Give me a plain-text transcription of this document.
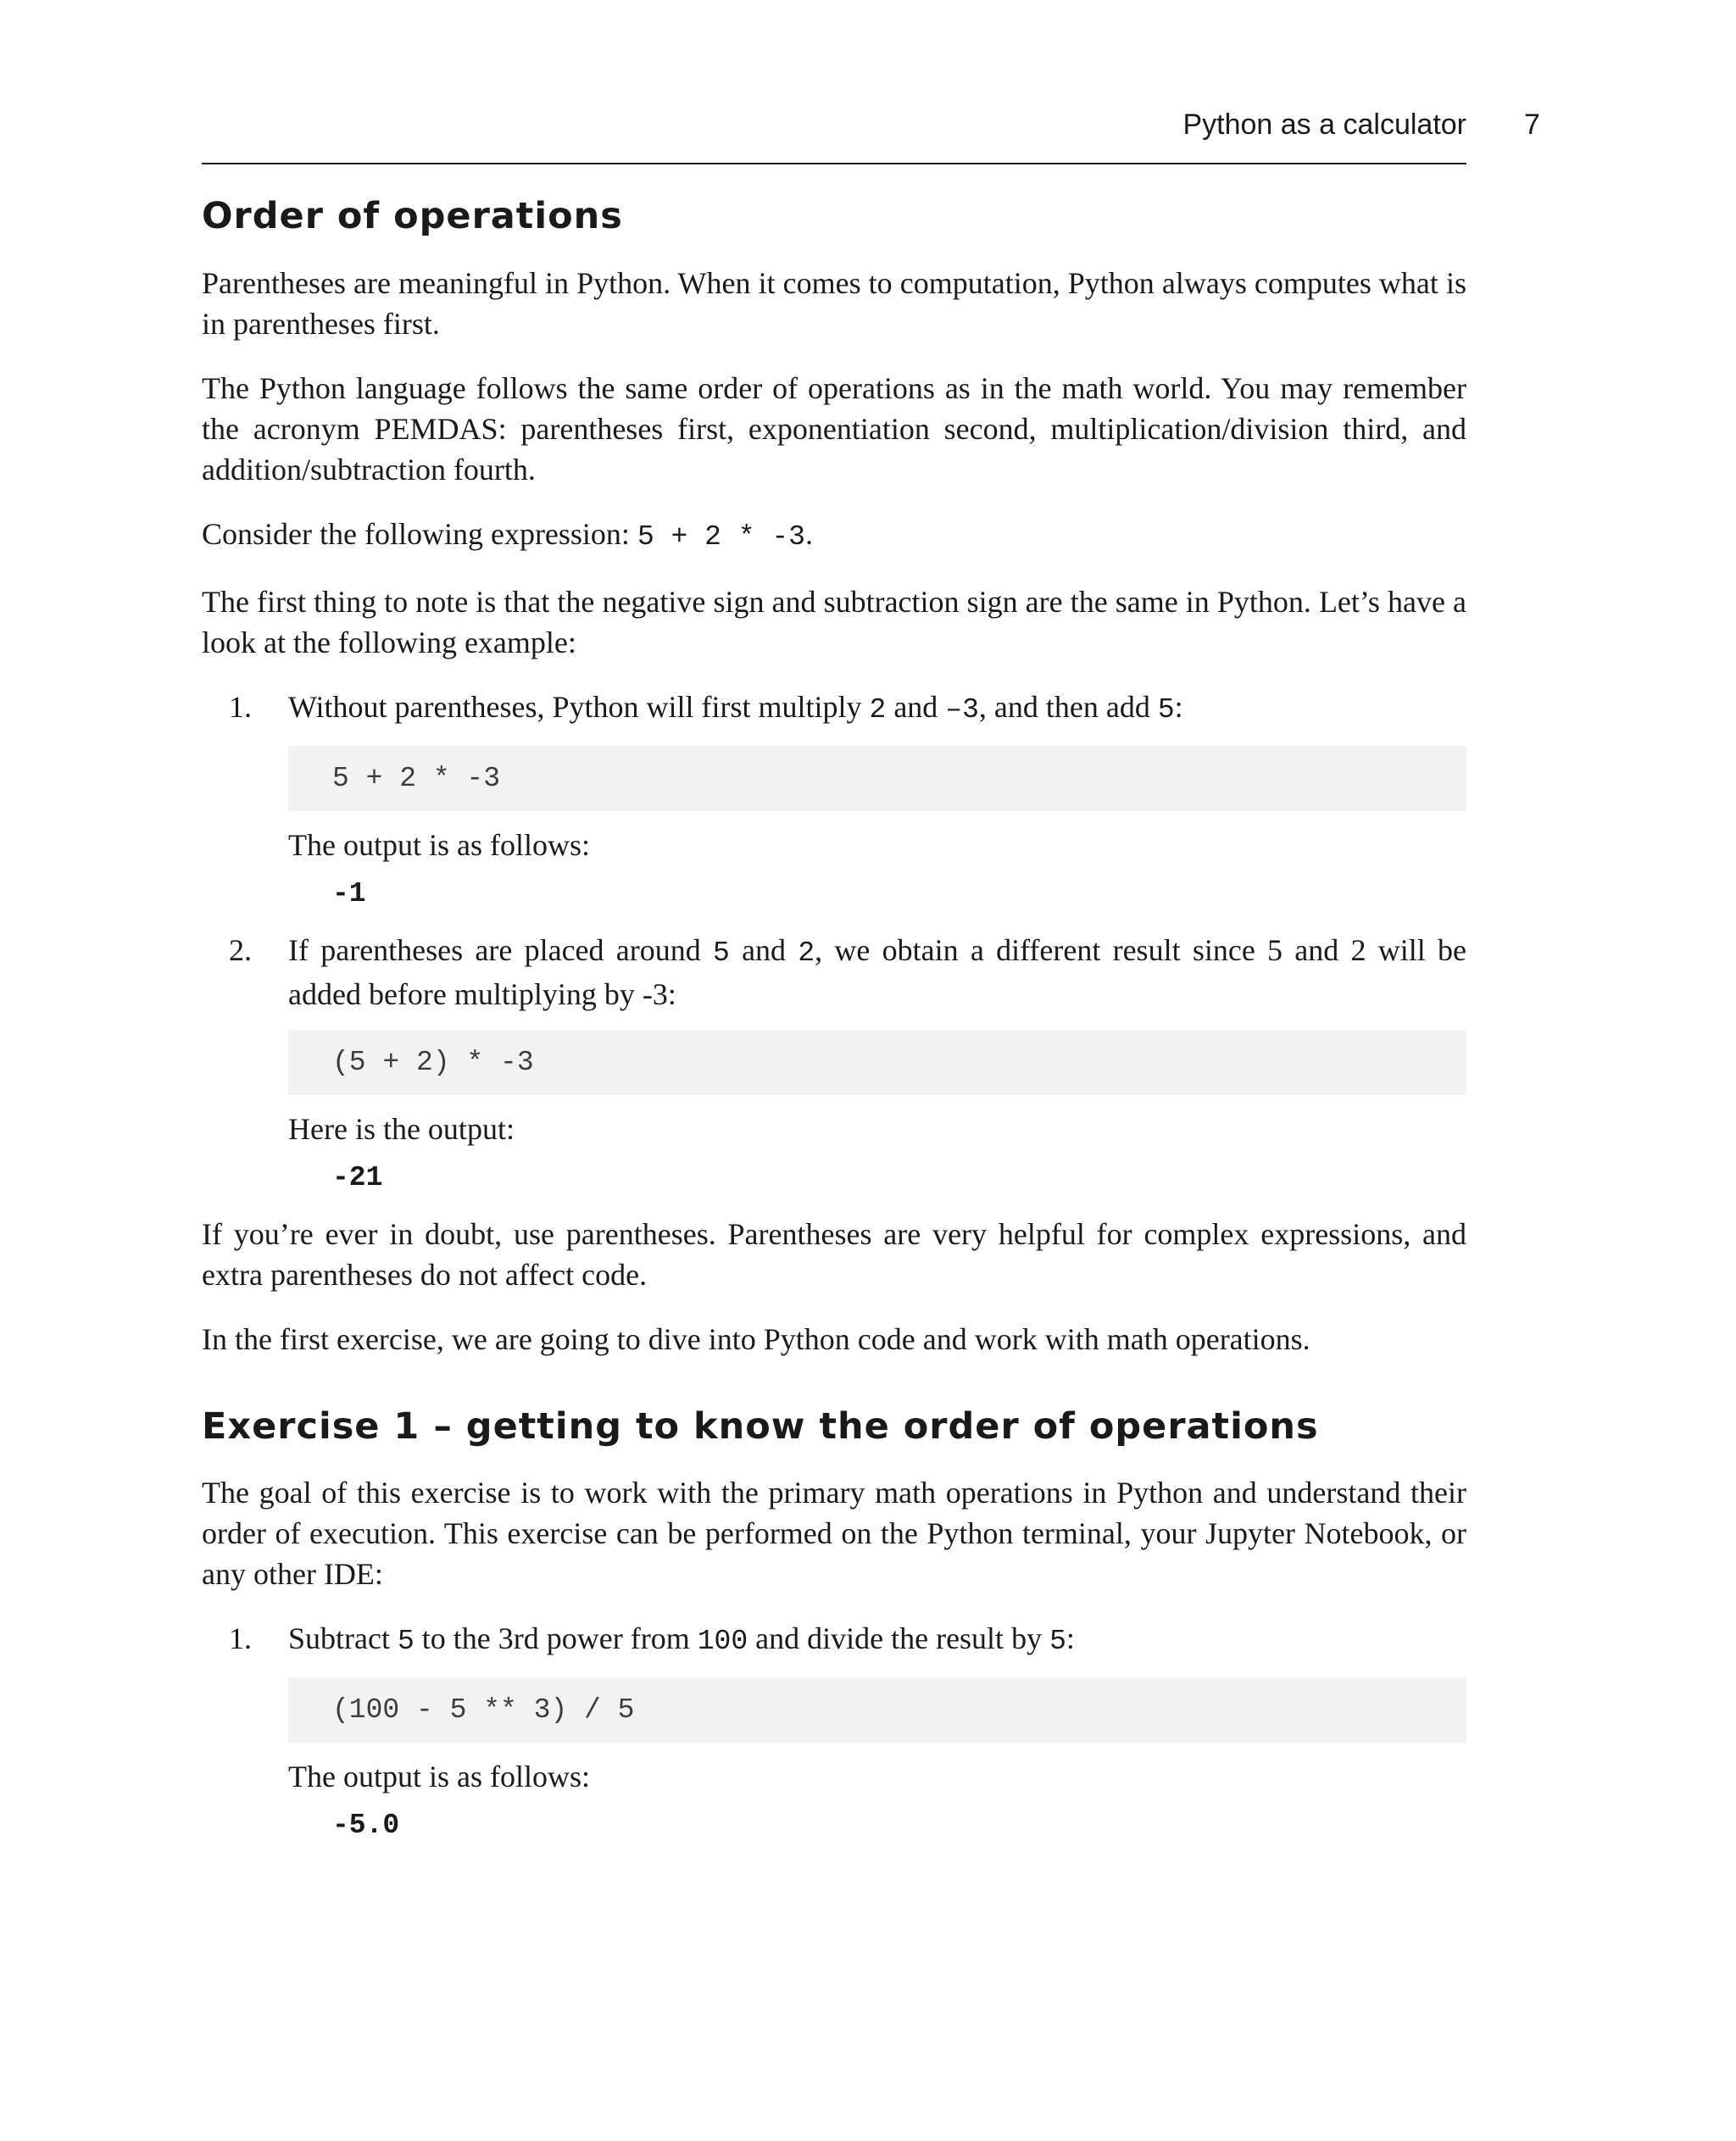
Python as a calculator 7
Order of operations

Parentheses are meaningful in Python. When it comes to computation, Python always computes what is in parentheses first.

The Python language follows the same order of operations as in the math world. You may remember the acronym PEMDAS: parentheses first, exponentiation second, multiplication/division third, and addition/subtraction fourth.

Consider the following expression: 5 + 2 * -3.

The first thing to note is that the negative sign and subtraction sign are the same in Python. Let’s have a look at the following example:

1. Without parentheses, Python will first multiply 2 and –3, and then add 5:
5 + 2 * -3
The output is as follows:
-1
2. If parentheses are placed around 5 and 2, we obtain a different result since 5 and 2 will be added before multiplying by -3:
(5 + 2) * -3
Here is the output:
-21

If you’re ever in doubt, use parentheses. Parentheses are very helpful for complex expressions, and extra parentheses do not affect code.

In the first exercise, we are going to dive into Python code and work with math operations.

Exercise 1 – getting to know the order of operations

The goal of this exercise is to work with the primary math operations in Python and understand their order of execution. This exercise can be performed on the Python terminal, your Jupyter Notebook, or any other IDE:

1. Subtract 5 to the 3rd power from 100 and divide the result by 5:
(100 - 5 ** 3) / 5
The output is as follows:
-5.0
